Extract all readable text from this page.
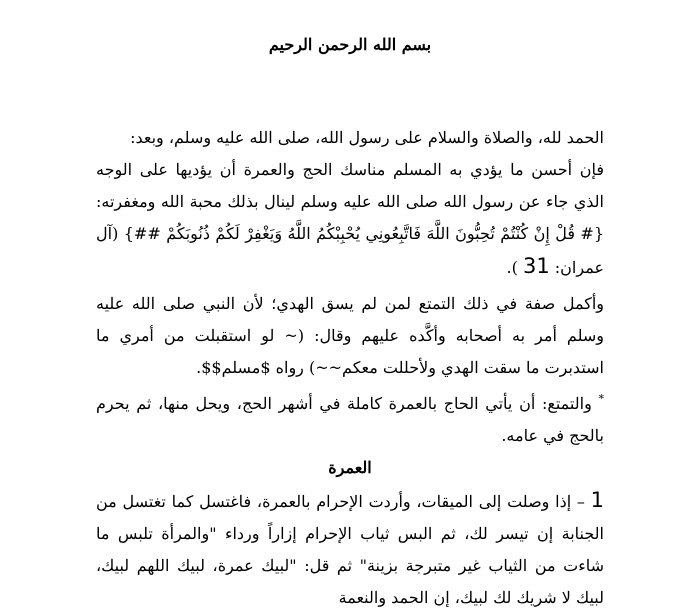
بسم الله الرحمن الرحيم

الحمد لله، والصلاة والسلام على رسول الله، صلى الله عليه وسلم، وبعد:

فإن أحسن ما يؤدي به المسلم مناسك الحج والعمرة أن يؤديها على الوجه الذي جاء عن رسول الله صلى الله عليه وسلم لينال بذلك محبة الله ومغفرته: {# قُلْ إِنْ كُنْتُمْ تُحِبُّونَ اللَّهَ فَاتَّبِعُونِي يُحْبِبْكُمُ اللَّهُ وَيَغْفِرْ لَكُمْ ذُنُوبَكُمْ ##} (آل عمران: 31 ).

وأكمل صفة في ذلك التمتع لمن لم يسق الهدي؛ لأن النبي صلى الله عليه وسلم أمر به أصحابه وأكَّده عليهم وقال: (~ لو استقبلت من أمري ما استدبرت ما سقت الهدي ولأحللت معكم~~) رواه $مسلم$$.

* والتمتع: أن يأتي الحاج بالعمرة كاملة في أشهر الحج، ويحل منها، ثم يحرم بالحج في عامه.

العمرة

1 – إذا وصلت إلى الميقات، وأردت الإحرام بالعمرة، فاغتسل كما تغتسل من الجنابة إن تيسر لك، ثم البس ثياب الإحرام إزاراً ورداء "والمرأة تلبس ما شاءت من الثياب غير متبرجة بزينة" ثم قل: "لبيك عمرة، لبيك اللهم لبيك، لبيك لا شريك لك لبيك، إن الحمد والنعمة
